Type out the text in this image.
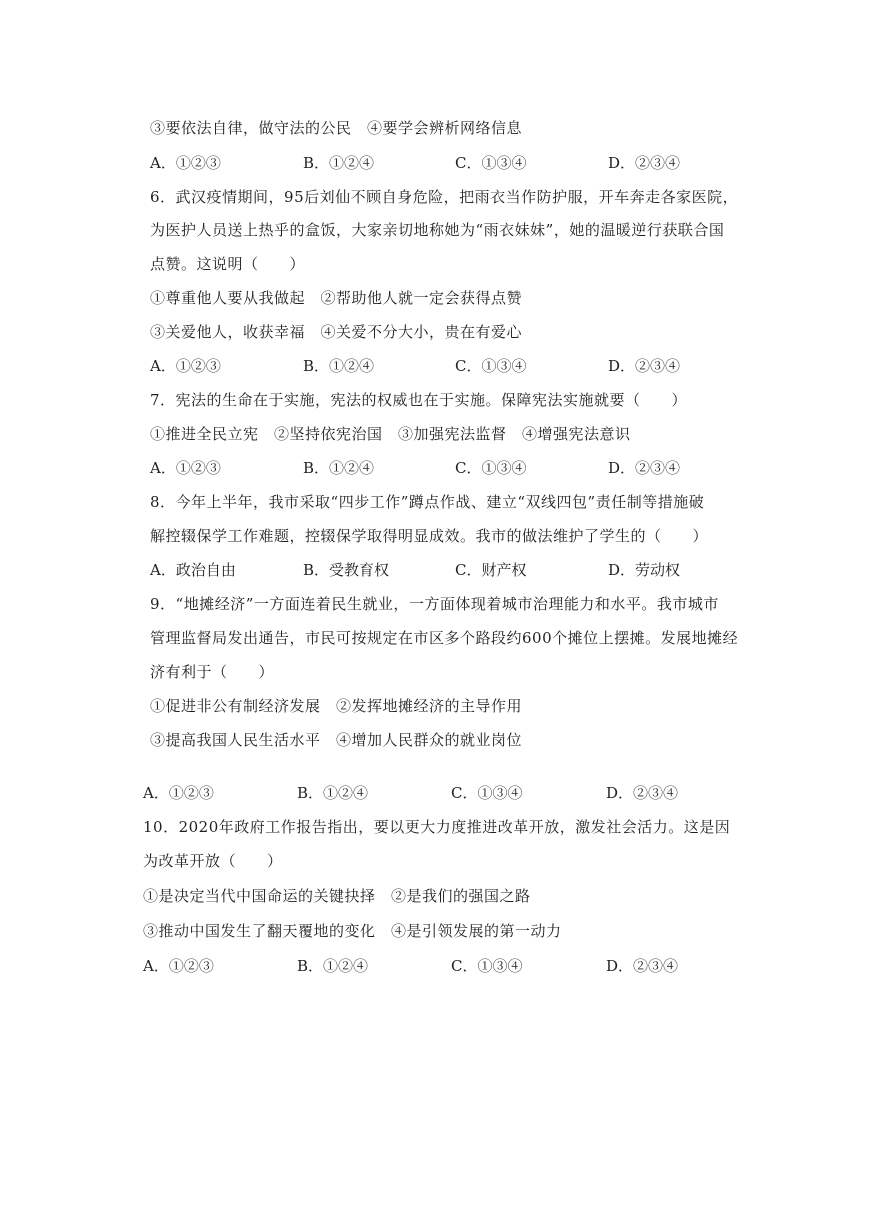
③要依法自律，做守法的公民　④要学会辨析网络信息
A．①②③	B．①②④	C．①③④	D．②③④
6．武汉疫情期间，95后刘仙不顾自身危险，把雨衣当作防护服，开车奔走各家医院，
为医护人员送上热乎的盒饭，大家亲切地称她为“雨衣妹妹”，她的温暖逆行获联合国
点赞。这说明（　　）
①尊重他人要从我做起　②帮助他人就一定会获得点赞
③关爱他人，收获幸福　④关爱不分大小，贵在有爱心
A．①②③	B．①②④	C．①③④	D．②③④
7．宪法的生命在于实施，宪法的权威也在于实施。保障宪法实施就要（　　）
①推进全民立宪　②坚持依宪治国　③加强宪法监督　④增强宪法意识
A．①②③	B．①②④	C．①③④	D．②③④
8．今年上半年，我市采取“四步工作”蹲点作战、建立“双线四包”责任制等措施破
解控辍保学工作难题，控辍保学取得明显成效。我市的做法维护了学生的（　　）
A．政治自由	B．受教育权	C．财产权	D．劳动权
9．“地摊经济”一方面连着民生就业，一方面体现着城市治理能力和水平。我市城市
管理监督局发出通告，市民可按规定在市区多个路段约600个摊位上摆摊。发展地摊经
济有利于（　　）
①促进非公有制经济发展　②发挥地摊经济的主导作用
③提高我国人民生活水平　④增加人民群众的就业岗位
A．①②③	B．①②④	C．①③④	D．②③④
10．2020年政府工作报告指出，要以更大力度推进改革开放，激发社会活力。这是因
为改革开放（　　）
①是决定当代中国命运的关键抉择　②是我们的强国之路
③推动中国发生了翻天覆地的变化　④是引领发展的第一动力
A．①②③	B．①②④	C．①③④	D．②③④
